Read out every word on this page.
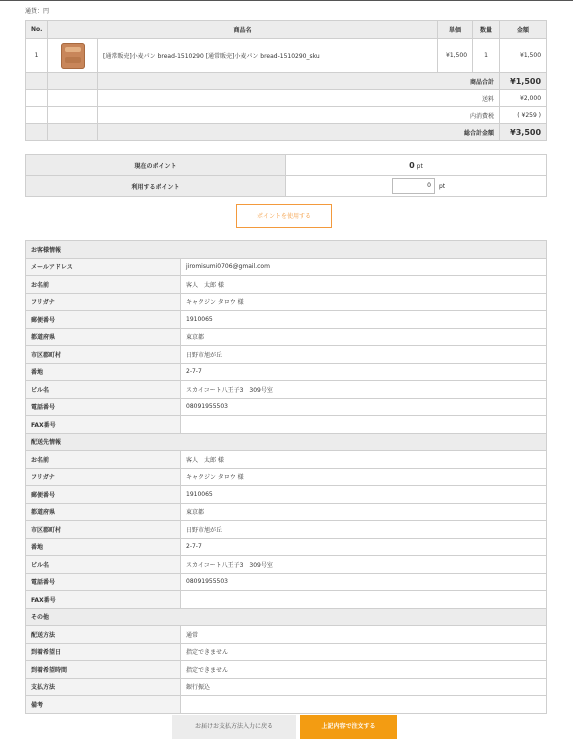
通貨：円
No.	商品名		単価	数量	金額
1		[通常販売]小麦パン bread-1510290 [通常販売]小麦パン bread-1510290_sku	¥1,500	1	¥1,500
		商品合計			¥1,500
		送料			¥2,000
		内消費税			( ¥259 )
		総合計金額			¥3,500
現在のポイント	0 pt
利用するポイント	0 pt
ポイントを使用する
お客様情報	
メールアドレス	jiromisumi0706@gmail.com
お名前	客人　太郎 様
フリガナ	キャクジン タロウ 様
郵便番号	1910065
都道府県	東京都
市区郡町村	日野市旭が丘
番地	2-7-7
ビル名	スカイコート八王子3　309号室
電話番号	08091955503
FAX番号	
配送先情報	
お名前	客人　太郎 様
フリガナ	キャクジン タロウ 様
郵便番号	1910065
都道府県	東京都
市区郡町村	日野市旭が丘
番地	2-7-7
ビル名	スカイコート八王子3　309号室
電話番号	08091955503
FAX番号	
その他	
配送方法	通常
到着希望日	指定できません
到着希望時間	指定できません
支払方法	銀行振込
備考	
お届けお支払方法入力に戻る	上記内容で注文する
